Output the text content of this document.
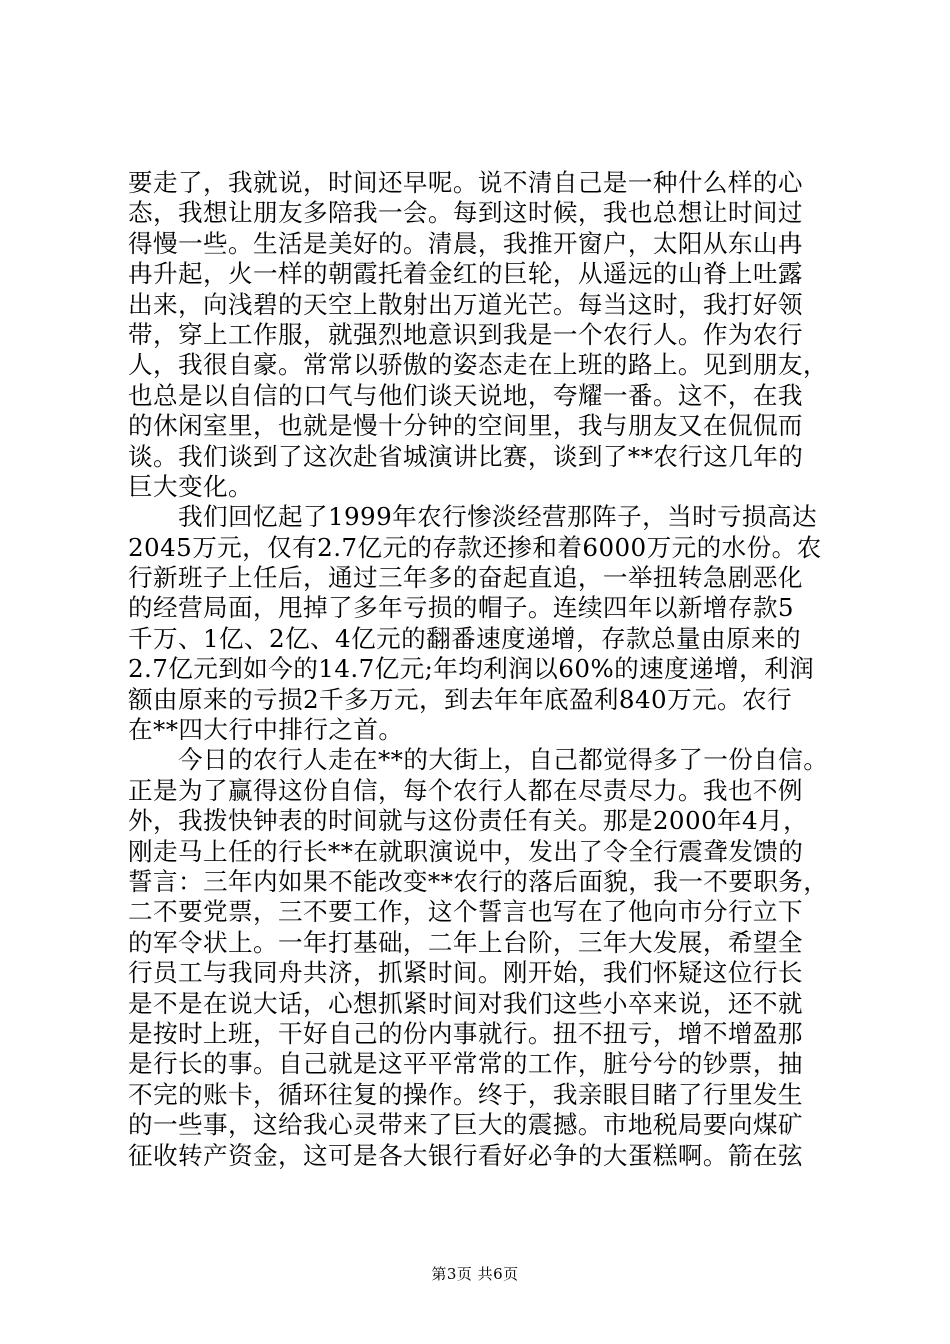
要走了，我就说，时间还早呢。说不清自己是一种什么样的心
态，我想让朋友多陪我一会。每到这时候，我也总想让时间过
得慢一些。生活是美好的。清晨，我推开窗户，太阳从东山冉
冉升起，火一样的朝霞托着金红的巨轮，从遥远的山脊上吐露
出来，向浅碧的天空上散射出万道光芒。每当这时，我打好领
带，穿上工作服，就强烈地意识到我是一个农行人。作为农行
人，我很自豪。常常以骄傲的姿态走在上班的路上。见到朋友，
也总是以自信的口气与他们谈天说地，夸耀一番。这不，在我
的休闲室里，也就是慢十分钟的空间里，我与朋友又在侃侃而
谈。我们谈到了这次赴省城演讲比赛，谈到了**农行这几年的
巨大变化。
　　我们回忆起了1999年农行惨淡经营那阵子，当时亏损高达
2045万元，仅有2.7亿元的存款还掺和着6000万元的水份。农
行新班子上任后，通过三年多的奋起直追，一举扭转急剧恶化
的经营局面，甩掉了多年亏损的帽子。连续四年以新增存款5
千万、1亿、2亿、4亿元的翻番速度递增，存款总量由原来的
2.7亿元到如今的14.7亿元;年均利润以60%的速度递增，利润
额由原来的亏损2千多万元，到去年年底盈利840万元。农行
在**四大行中排行之首。
　　今日的农行人走在**的大街上，自己都觉得多了一份自信。
正是为了赢得这份自信，每个农行人都在尽责尽力。我也不例
外，我拨快钟表的时间就与这份责任有关。那是2000年4月，
刚走马上任的行长**在就职演说中，发出了令全行震聋发馈的
誓言：三年内如果不能改变**农行的落后面貌，我一不要职务，
二不要党票，三不要工作，这个誓言也写在了他向市分行立下
的军令状上。一年打基础，二年上台阶，三年大发展，希望全
行员工与我同舟共济，抓紧时间。刚开始，我们怀疑这位行长
是不是在说大话，心想抓紧时间对我们这些小卒来说，还不就
是按时上班，干好自己的份内事就行。扭不扭亏，增不增盈那
是行长的事。自己就是这平平常常的工作，脏兮兮的钞票，抽
不完的账卡，循环往复的操作。终于，我亲眼目睹了行里发生
的一些事，这给我心灵带来了巨大的震撼。市地税局要向煤矿
征收转产资金，这可是各大银行看好必争的大蛋糕啊。箭在弦
第3页 共6页
